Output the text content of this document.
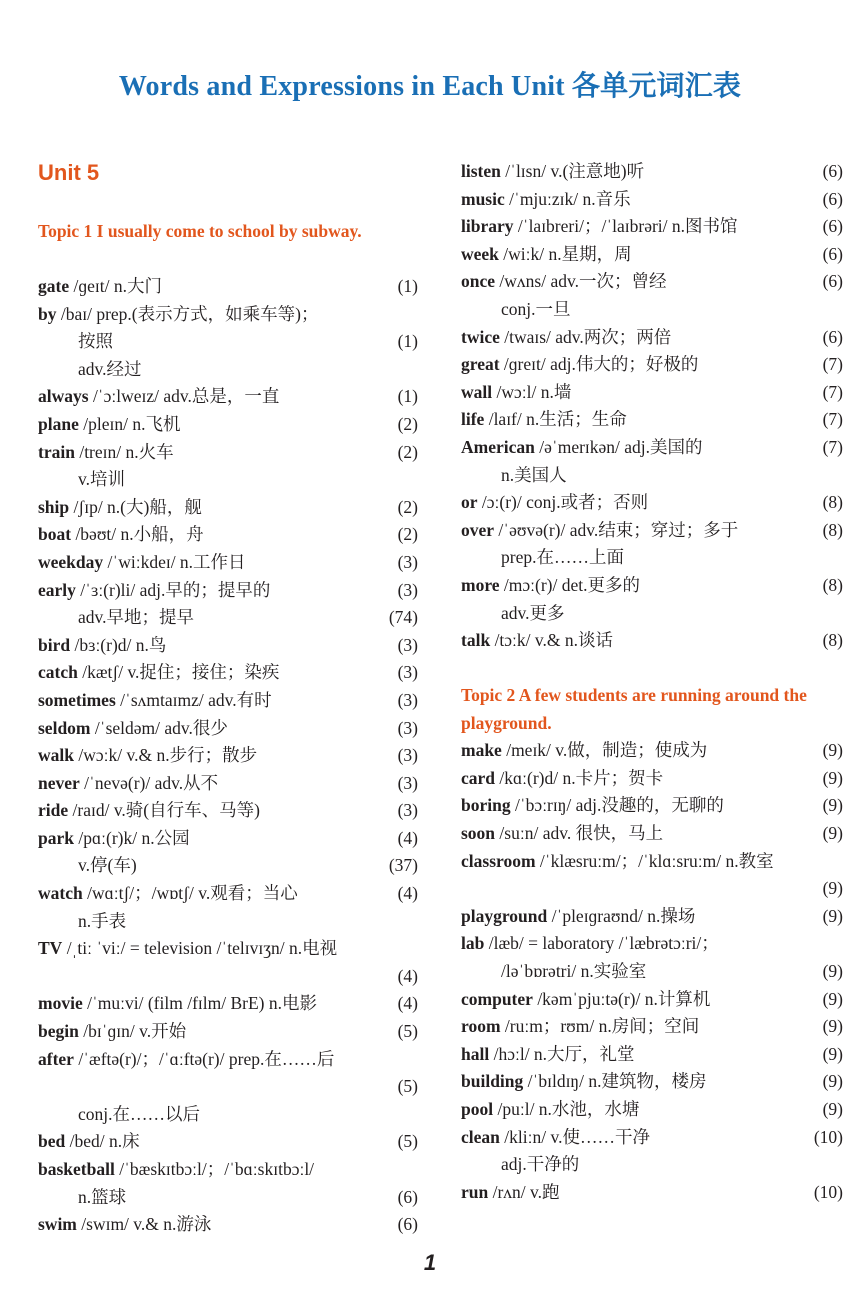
Words and Expressions in Each Unit 各单元词汇表
Unit 5
Topic 1 I usually come to school by subway.
gate /ɡeɪt/ n.大门	(1)
by /baɪ/ prep.(表示方式，如乘车等)；
按照	(1)
adv.经过
always /ˈɔːlweɪz/ adv.总是，一直	(1)
plane /pleɪn/ n.飞机	(2)
train /treɪn/ n.火车	(2)
v.培训
ship /ʃɪp/ n.(大)船，舰	(2)
boat /bəʊt/ n.小船，舟	(2)
weekday /ˈwiːkdeɪ/ n.工作日	(3)
early /ˈɜː(r)li/ adj.早的；提早的	(3)
adv.早地；提早	(74)
bird /bɜː(r)d/ n.鸟	(3)
catch /kætʃ/ v.捉住；接住；染疾	(3)
sometimes /ˈsʌmtaɪmz/ adv.有时	(3)
seldom /ˈseldəm/ adv.很少	(3)
walk /wɔːk/ v.& n.步行；散步	(3)
never /ˈnevə(r)/ adv.从不	(3)
ride /raɪd/ v.骑(自行车、马等)	(3)
park /pɑː(r)k/ n.公园	(4)
v.停(车)	(37)
watch /wɑːtʃ/；/wɒtʃ/ v.观看；当心	(4)
n.手表
TV /ˌtiː ˈviː/ = television /ˈtelɪvɪʒn/ n.电视
(4)
movie /ˈmuːvi/ (film /fɪlm/ BrE) n.电影	(4)
begin /bɪˈɡɪn/ v.开始	(5)
after /ˈæftə(r)/；/ˈɑːftə(r)/ prep.在……后
(5)
conj.在……以后
bed /bed/ n.床	(5)
basketball /ˈbæskɪtbɔːl/；/ˈbɑːskɪtbɔːl/
n.篮球	(6)
swim /swɪm/ v.& n.游泳	(6)
listen /ˈlɪsn/ v.(注意地)听	(6)
music /ˈmjuːzɪk/ n.音乐	(6)
library /ˈlaɪbreri/；/ˈlaɪbrəri/ n.图书馆	(6)
week /wiːk/ n.星期，周	(6)
once /wʌns/ adv.一次；曾经	(6)
conj.一旦
twice /twaɪs/ adv.两次；两倍	(6)
great /ɡreɪt/ adj.伟大的；好极的	(7)
wall /wɔːl/ n.墙	(7)
life /laɪf/ n.生活；生命	(7)
American /əˈmerɪkən/ adj.美国的	(7)
n.美国人
or /ɔː(r)/ conj.或者；否则	(8)
over /ˈəʊvə(r)/ adv.结束；穿过；多于	(8)
prep.在……上面
more /mɔː(r)/ det.更多的	(8)
adv.更多
talk /tɔːk/ v.& n.谈话	(8)
Topic 2 A few students are running around the playground.
make /meɪk/ v.做，制造；使成为	(9)
card /kɑː(r)d/ n.卡片；贺卡	(9)
boring /ˈbɔːrɪŋ/ adj.没趣的，无聊的	(9)
soon /suːn/ adv. 很快，马上	(9)
classroom /ˈklæsruːm/；/ˈklɑːsruːm/ n.教室
(9)
playground /ˈpleɪɡraʊnd/ n.操场	(9)
lab /læb/ = laboratory /ˈlæbrətɔːri/；
/ləˈbɒrətri/ n.实验室	(9)
computer /kəmˈpjuːtə(r)/ n.计算机	(9)
room /ruːm；rʊm/ n.房间；空间	(9)
hall /hɔːl/ n.大厅，礼堂	(9)
building /ˈbɪldɪŋ/ n.建筑物，楼房	(9)
pool /puːl/ n.水池，水塘	(9)
clean /kliːn/ v.使……干净	(10)
adj.干净的
run /rʌn/ v.跑	(10)
1
